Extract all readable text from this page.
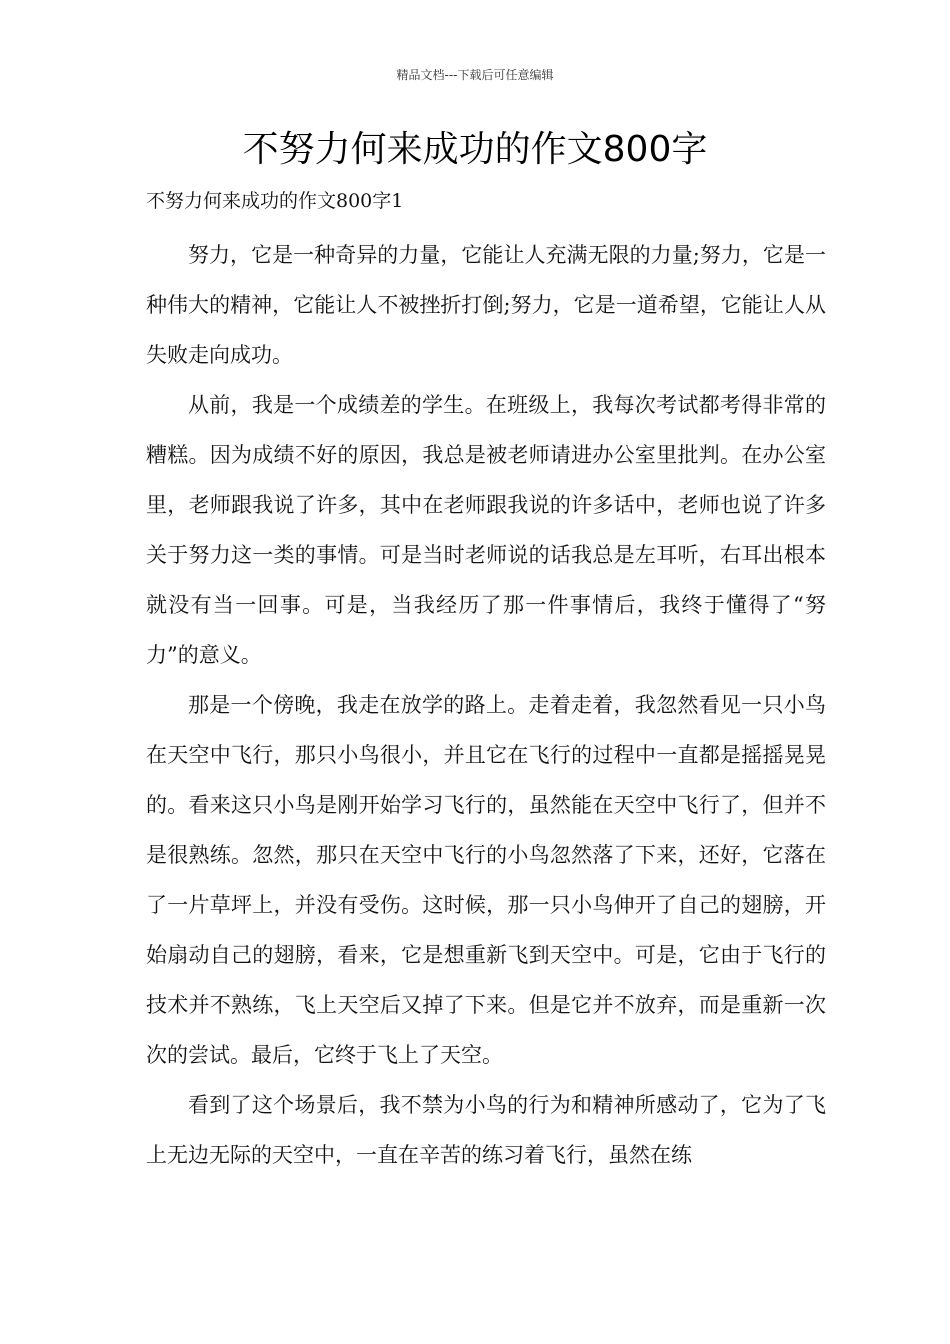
精品文档---下载后可任意编辑
不努力何来成功的作文800字
不努力何来成功的作文800字1

努力，它是一种奇异的力量，它能让人充满无限的力量;努力，它是一种伟大的精神，它能让人不被挫折打倒;努力，它是一道希望，它能让人从失败走向成功。

从前，我是一个成绩差的学生。在班级上，我每次考试都考得非常的糟糕。因为成绩不好的原因，我总是被老师请进办公室里批判。在办公室里，老师跟我说了许多，其中在老师跟我说的许多话中，老师也说了许多关于努力这一类的事情。可是当时老师说的话我总是左耳听，右耳出根本就没有当一回事。可是，当我经历了那一件事情后，我终于懂得了“努力”的意义。

那是一个傍晚，我走在放学的路上。走着走着，我忽然看见一只小鸟在天空中飞行，那只小鸟很小，并且它在飞行的过程中一直都是摇摇晃晃的。看来这只小鸟是刚开始学习飞行的，虽然能在天空中飞行了，但并不是很熟练。忽然，那只在天空中飞行的小鸟忽然落了下来，还好，它落在了一片草坪上，并没有受伤。这时候，那一只小鸟伸开了自己的翅膀，开始扇动自己的翅膀，看来，它是想重新飞到天空中。可是，它由于飞行的技术并不熟练，飞上天空后又掉了下来。但是它并不放弃，而是重新一次次的尝试。最后，它终于飞上了天空。

看到了这个场景后，我不禁为小鸟的行为和精神所感动了，它为了飞上无边无际的天空中，一直在辛苦的练习着飞行，虽然在练
